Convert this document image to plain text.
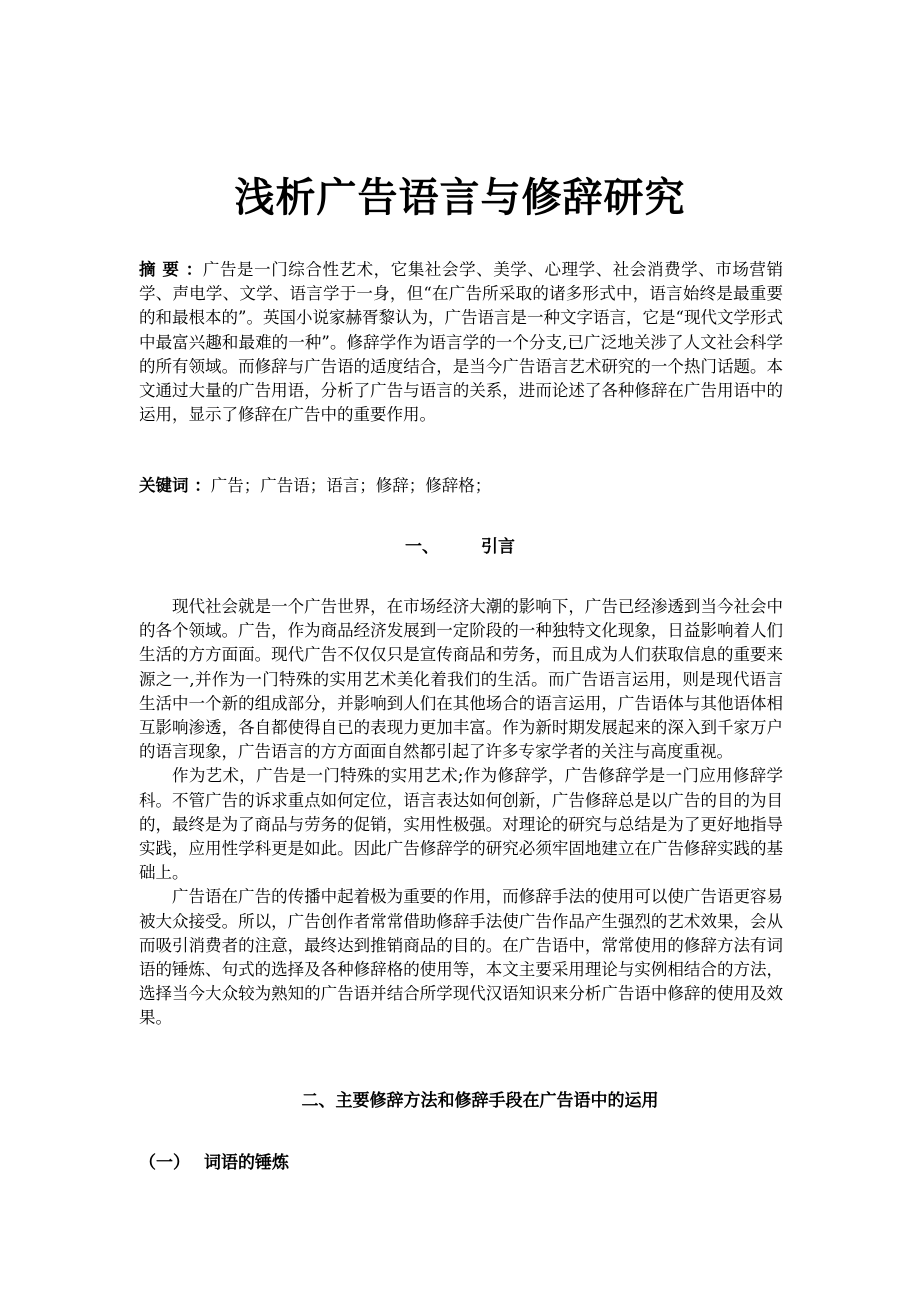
浅析广告语言与修辞研究
摘 要 ：广告是一门综合性艺术，它集社会学、美学、心理学、社会消费学、市场营销学、声电学、文学、语言学于一身，但“在广告所采取的诸多形式中，语言始终是最重要的和最根本的”。英国小说家赫胥黎认为，广告语言是一种文字语言，它是“现代文学形式中最富兴趣和最难的一种”。修辞学作为语言学的一个分支,已广泛地关涉了人文社会科学的所有领域。而修辞与广告语的适度结合，是当今广告语言艺术研究的一个热门话题。本文通过大量的广告用语，分析了广告与语言的关系，进而论述了各种修辞在广告用语中的运用，显示了修辞在广告中的重要作用。
关键词 ：广告；广告语；语言；修辞；修辞格；
一、 引言

现代社会就是一个广告世界，在市场经济大潮的影响下，广告已经渗透到当今社会中的各个领域。广告，作为商品经济发展到一定阶段的一种独特文化现象，日益影响着人们生活的方方面面。现代广告不仅仅只是宣传商品和劳务，而且成为人们获取信息的重要来源之一,并作为一门特殊的实用艺术美化着我们的生活。而广告语言运用，则是现代语言生活中一个新的组成部分，并影响到人们在其他场合的语言运用，广告语体与其他语体相互影响渗透，各自都使得自已的表现力更加丰富。作为新时期发展起来的深入到千家万户的语言现象，广告语言的方方面面自然都引起了许多专家学者的关注与高度重视。

作为艺术，广告是一门特殊的实用艺术;作为修辞学，广告修辞学是一门应用修辞学科。不管广告的诉求重点如何定位，语言表达如何创新，广告修辞总是以广告的目的为目的，最终是为了商品与劳务的促销，实用性极强。对理论的研究与总结是为了更好地指导实践，应用性学科更是如此。因此广告修辞学的研究必须牢固地建立在广告修辞实践的基础上。

广告语在广告的传播中起着极为重要的作用，而修辞手法的使用可以使广告语更容易被大众接受。所以，广告创作者常常借助修辞手法使广告作品产生强烈的艺术效果，会从而吸引消费者的注意，最终达到推销商品的目的。在广告语中，常常使用的修辞方法有词语的锤炼、句式的选择及各种修辞格的使用等，本文主要采用理论与实例相结合的方法，选择当今大众较为熟知的广告语并结合所学现代汉语知识来分析广告语中修辞的使用及效果。

二、主要修辞方法和修辞手段在广告语中的运用
（一） 词语的锤炼
